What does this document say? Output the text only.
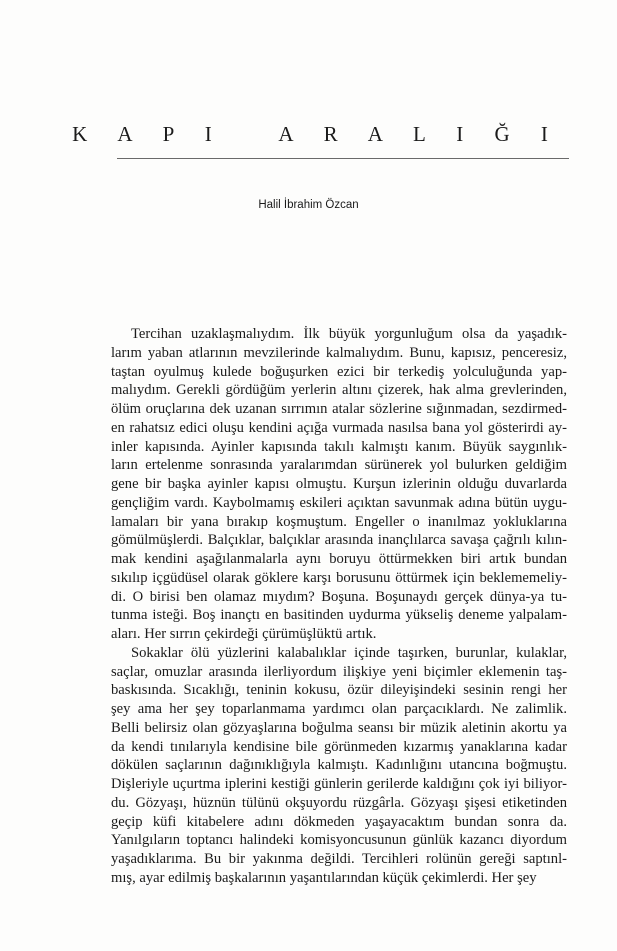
K A P I   A R A L I Ğ I
Halil İbrahim Özcan
Tercihan uzaklaşmalıydım. İlk büyük yorgunluğum olsa da yaşadık-
larım yaban atlarının mevzilerinde kalmalıydım. Bunu, kapısız, penceresiz,
taştan oyulmuş kulede boğuşurken ezici bir terkediş yolculuğunda yap-
malıydım. Gerekli gördüğüm yerlerin altını çizerek, hak alma grevlerinden,
ölüm oruçlarına dek uzanan sırrımın atalar sözlerine sığınmadan, sezdirmed-
en rahatsız edici oluşu kendini açığa vurmada nasılsa bana yol gösterirdi ay-
inler kapısında. Ayinler kapısında takılı kalmıştı kanım. Büyük saygınlık-
ların ertelenme sonrasında yaralarımdan sürünerek yol bulurken geldiğim
gene bir başka ayinler kapısı olmuştu. Kurşun izlerinin olduğu duvarlarda
gençliğim vardı. Kaybolmamış eskileri açıktan savunmak adına bütün uygu-
lamaları bir yana bırakıp koşmuştum. Engeller o inanılmaz yokluklarına
gömülmüşlerdi. Balçıklar, balçıklar arasında inançlılarca savaşa çağrılı kılın-
mak kendini aşağılanmalarla aynı boruyu öttürmekken biri artık bundan
sıkılıp içgüdüsel olarak göklere karşı borusunu öttürmek için beklememeliy-
di. O birisi ben olamaz mıydım? Boşuna. Boşunaydı gerçek dünya-ya tu-
tunma isteği. Boş inançtı en basitinden uydurma yükseliş deneme yalpalam-
aları. Her sırrın çekirdeği çürümüşlüktü artık.
Sokaklar ölü yüzlerini kalabalıklar içinde taşırken, burunlar, kulaklar,
saçlar, omuzlar arasında ilerliyordum ilişkiye yeni biçimler eklemenin taş-
baskısında. Sıcaklığı, teninin kokusu, özür dileyişindeki sesinin rengi her
şey ama her şey toparlanmama yardımcı olan parçacıklardı. Ne zalimlik.
Belli belirsiz olan gözyaşlarına boğulma seansı bir müzik aletinin akortu ya
da kendi tınılarıyla kendisine bile görünmeden kızarmış yanaklarına kadar
dökülen saçlarının dağınıklığıyla kalmıştı. Kadınlığını utancına boğmuştu.
Dişleriyle uçurtma iplerini kestiği günlerin gerilerde kaldığını çok iyi biliyor-
du. Gözyaşı, hüznün tülünü okşuyordu rüzgârla. Gözyaşı şişesi etiketinden
geçip küfi kitabelere adını dökmeden yaşayacaktım bundan sonra da.
Yanılgıların toptancı halindeki komisyoncusunun günlük kazancı diyordum
yaşadıklarıma. Bu bir yakınma değildi. Tercihleri rolünün gereği saptınl-
mış, ayar edilmiş başkalarının yaşantılarından küçük çekimlerdi. Her şey
